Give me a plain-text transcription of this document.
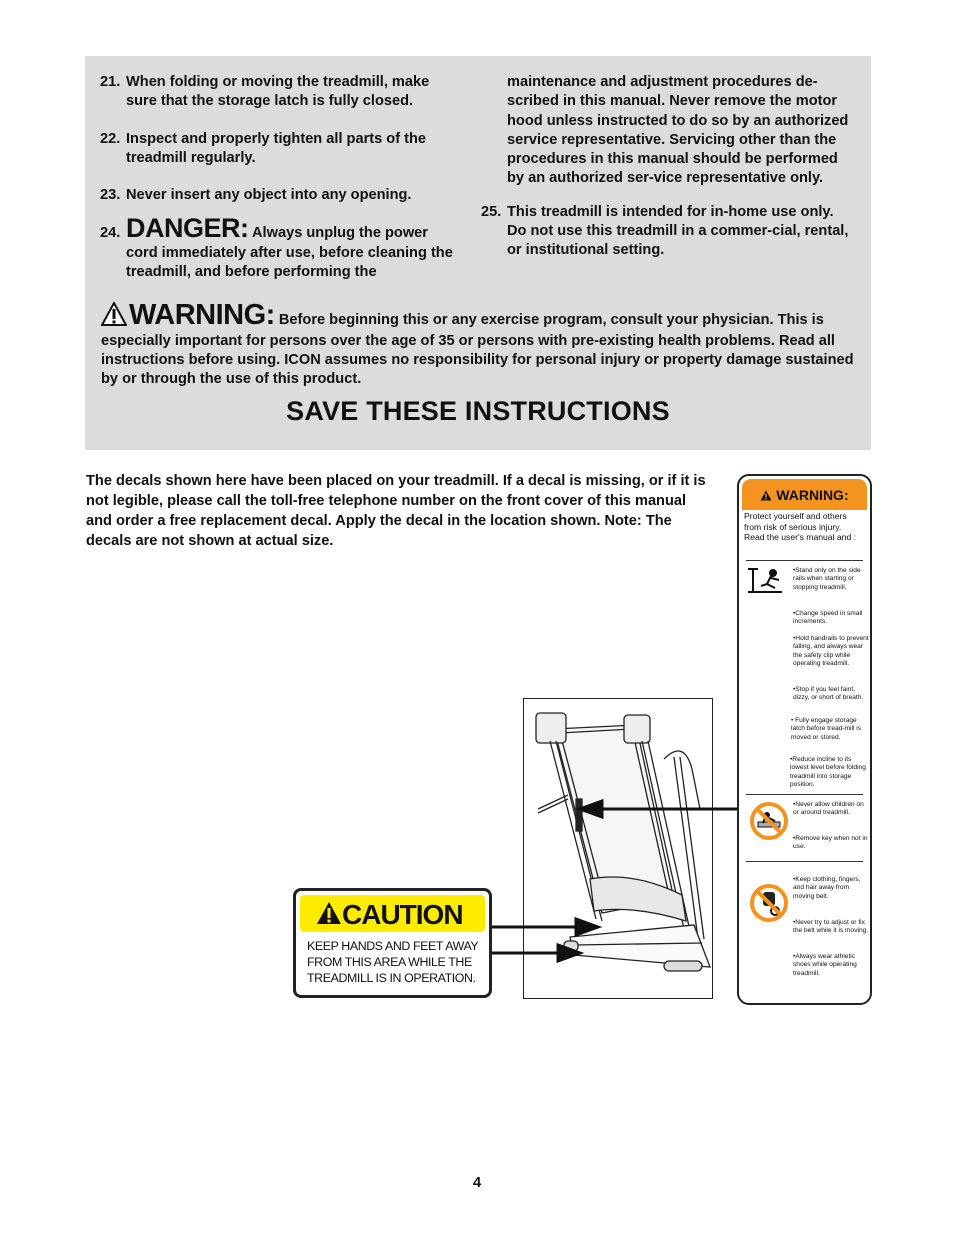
21. When folding or moving the treadmill, make sure that the storage latch is fully closed.
22. Inspect and properly tighten all parts of the treadmill regularly.
23. Never insert any object into any opening.
24. DANGER: Always unplug the power cord immediately after use, before cleaning the treadmill, and before performing the
maintenance and adjustment procedures de-scribed in this manual. Never remove the motor hood unless instructed to do so by an authorized service representative. Servicing other than the procedures in this manual should be performed by an authorized ser-vice representative only.
25. This treadmill is intended for in-home use only. Do not use this treadmill in a commer-cial, rental, or institutional setting.
WARNING: Before beginning this or any exercise program, consult your physician. This is especially important for persons over the age of 35 or persons with pre-existing health problems. Read all instructions before using. ICON assumes no responsibility for personal injury or property damage sustained by or through the use of this product.
SAVE THESE INSTRUCTIONS
The decals shown here have been placed on your treadmill. If a decal is missing, or if it is not legible, please call the toll-free telephone number on the front cover of this manual and order a free replacement decal. Apply the decal in the location shown. Note: The decals are not shown at actual size.
WARNING:
Protect yourself and others from risk of serious injury. Read the user's manual and :
•Stand only on the side rails when starting or stopping treadmill.
•Change speed in small increments.
•Hold handrails to prevent falling, and always wear the safety clip while operating treadmill.
•Stop if you feel faint, dizzy, or short of breath.
• Fully engage storage latch before tread-mill is moved or stored.
•Reduce incline to its lowest level before folding treadmill into storage position.
•Never allow children on or around treadmill.
•Remove key when not in use.
•Keep clothing, fingers, and hair away from moving belt.
•Never try to adjust or fix the belt while it is moving.
•Always wear athletic shoes while operating treadmill.
CAUTION
KEEP HANDS AND FEET AWAY FROM THIS AREA WHILE THE TREADMILL IS IN OPERATION.
4
